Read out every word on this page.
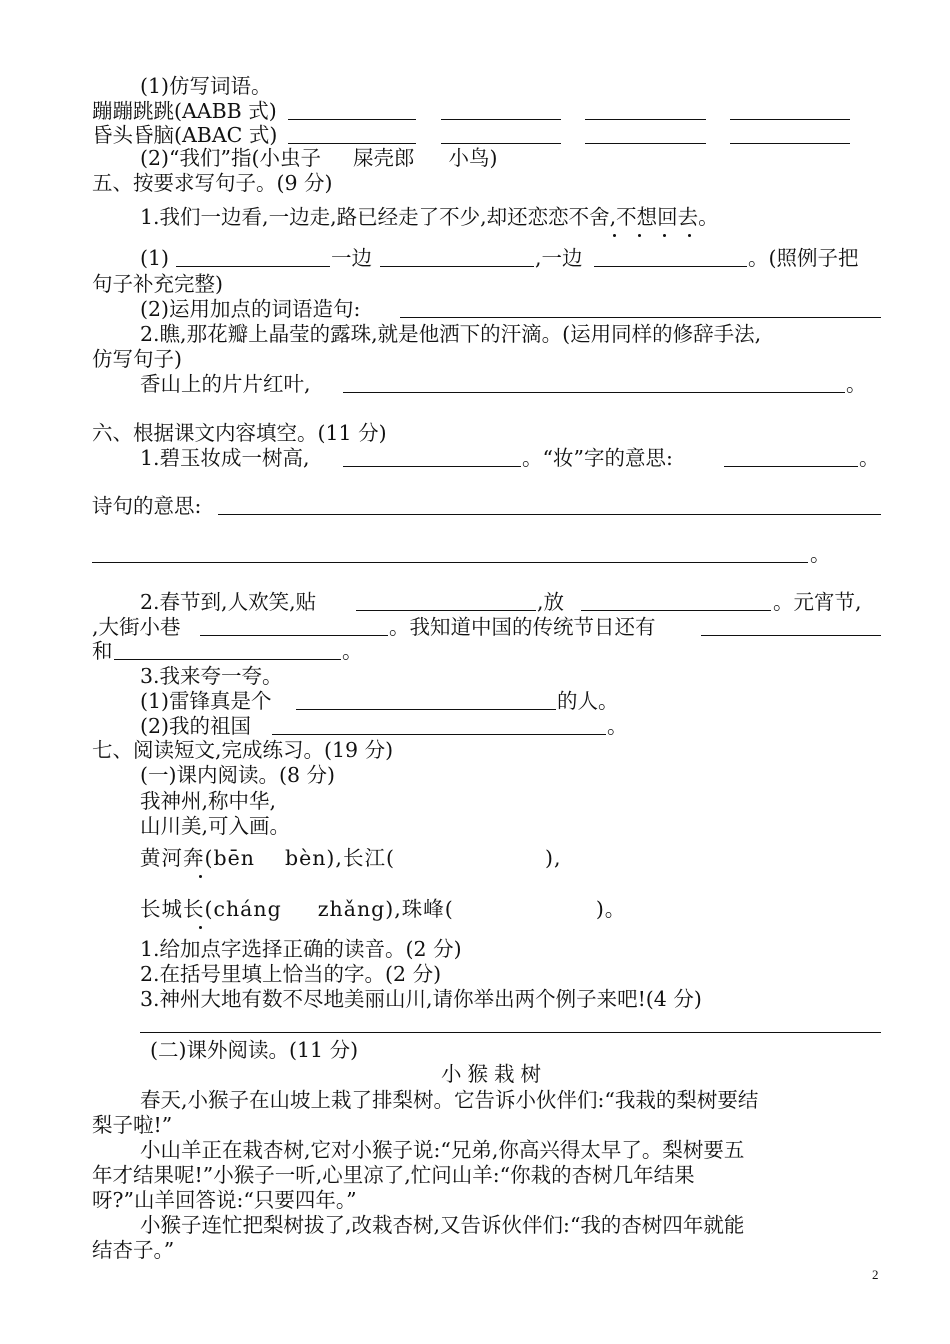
(1)仿写词语。
蹦蹦跳跳(AABB 式)
昏头昏脑(ABAC 式)
(2)“我们”指(小虫子 屎壳郎 小鸟)
五、按要求写句子。(9 分)
1.我们一边看,一边走,路已经走了不少,却还恋恋不舍,不想回去。
(1)	一边	,一边	。(照例子把
句子补充完整)
(2)运用加点的词语造句:
2.瞧,那花瓣上晶莹的露珠,就是他洒下的汗滴。(运用同样的修辞手法,
仿写句子)
香山上的片片红叶,	。
六、根据课文内容填空。(11 分)
1.碧玉妆成一树高,	。“妆”字的意思:	。
诗句的意思:
。
2.春节到,人欢笑,贴	,放	。元宵节,
,大街小巷	。我知道中国的传统节日还有
和	。
3.我来夸一夸。
(1)雷锋真是个	的人。
(2)我的祖国	。
七、阅读短文,完成练习。(19 分)
(一)课内阅读。(8 分)
我神州,称中华,
山川美,可入画。
黄河奔(bēn bèn),长江(	),
长城长(cháng zhǎng),珠峰(	)。
1.给加点字选择正确的读音。(2 分)
2.在括号里填上恰当的字。(2 分)
3.神州大地有数不尽地美丽山川,请你举出两个例子来吧!(4 分)
(二)课外阅读。(11 分)
小猴栽树
春天,小猴子在山坡上栽了排梨树。它告诉小伙伴们:“我栽的梨树要结
梨子啦!”
小山羊正在栽杏树,它对小猴子说:“兄弟,你高兴得太早了。梨树要五
年才结果呢!”小猴子一听,心里凉了,忙问山羊:“你栽的杏树几年结果
呀?”山羊回答说:“只要四年。”
小猴子连忙把梨树拔了,改栽杏树,又告诉伙伴们:“我的杏树四年就能
结杏子。”
2
